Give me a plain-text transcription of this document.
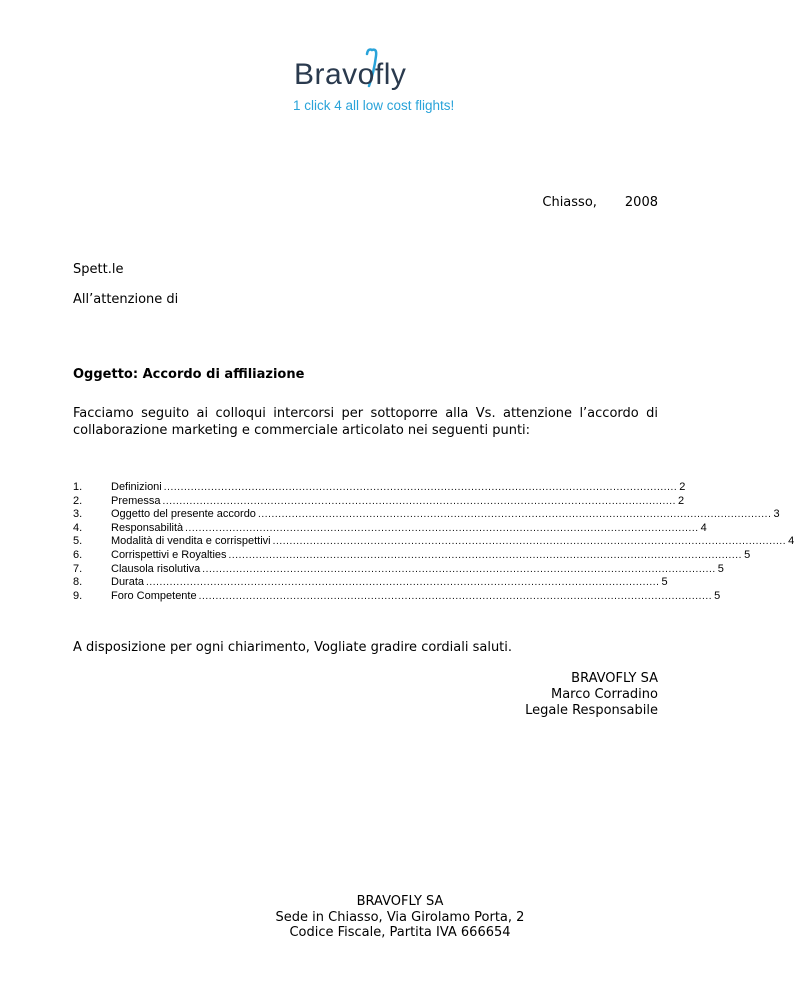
Bravofly
1 click 4 all low cost flights!
Chiasso, 2008
Spett.le
All’attenzione di
Oggetto: Accordo di affiliazione
Facciamo seguito ai colloqui intercorsi per sottoporre alla Vs. attenzione l’accordo di collaborazione marketing e commerciale articolato nei seguenti punti:
1.	Definizioni ........................................................................................................................................................ 2
2.	Premessa ........................................................................................................................................................ 2
3.	Oggetto del presente accordo ........................................................................................................................................................ 3
4.	Responsabilità ........................................................................................................................................................ 4
5.	Modalità di vendita e corrispettivi ........................................................................................................................................................ 4
6.	Corrispettivi e Royalties ........................................................................................................................................................ 5
7.	Clausola risolutiva ........................................................................................................................................................ 5
8.	Durata ........................................................................................................................................................ 5
9.	Foro Competente ........................................................................................................................................................ 5
A disposizione per ogni chiarimento, Vogliate gradire cordiali saluti.
BRAVOFLY SA
Marco Corradino
Legale Responsabile
BRAVOFLY SA
Sede in Chiasso, Via Girolamo Porta, 2
Codice Fiscale, Partita IVA 666654
